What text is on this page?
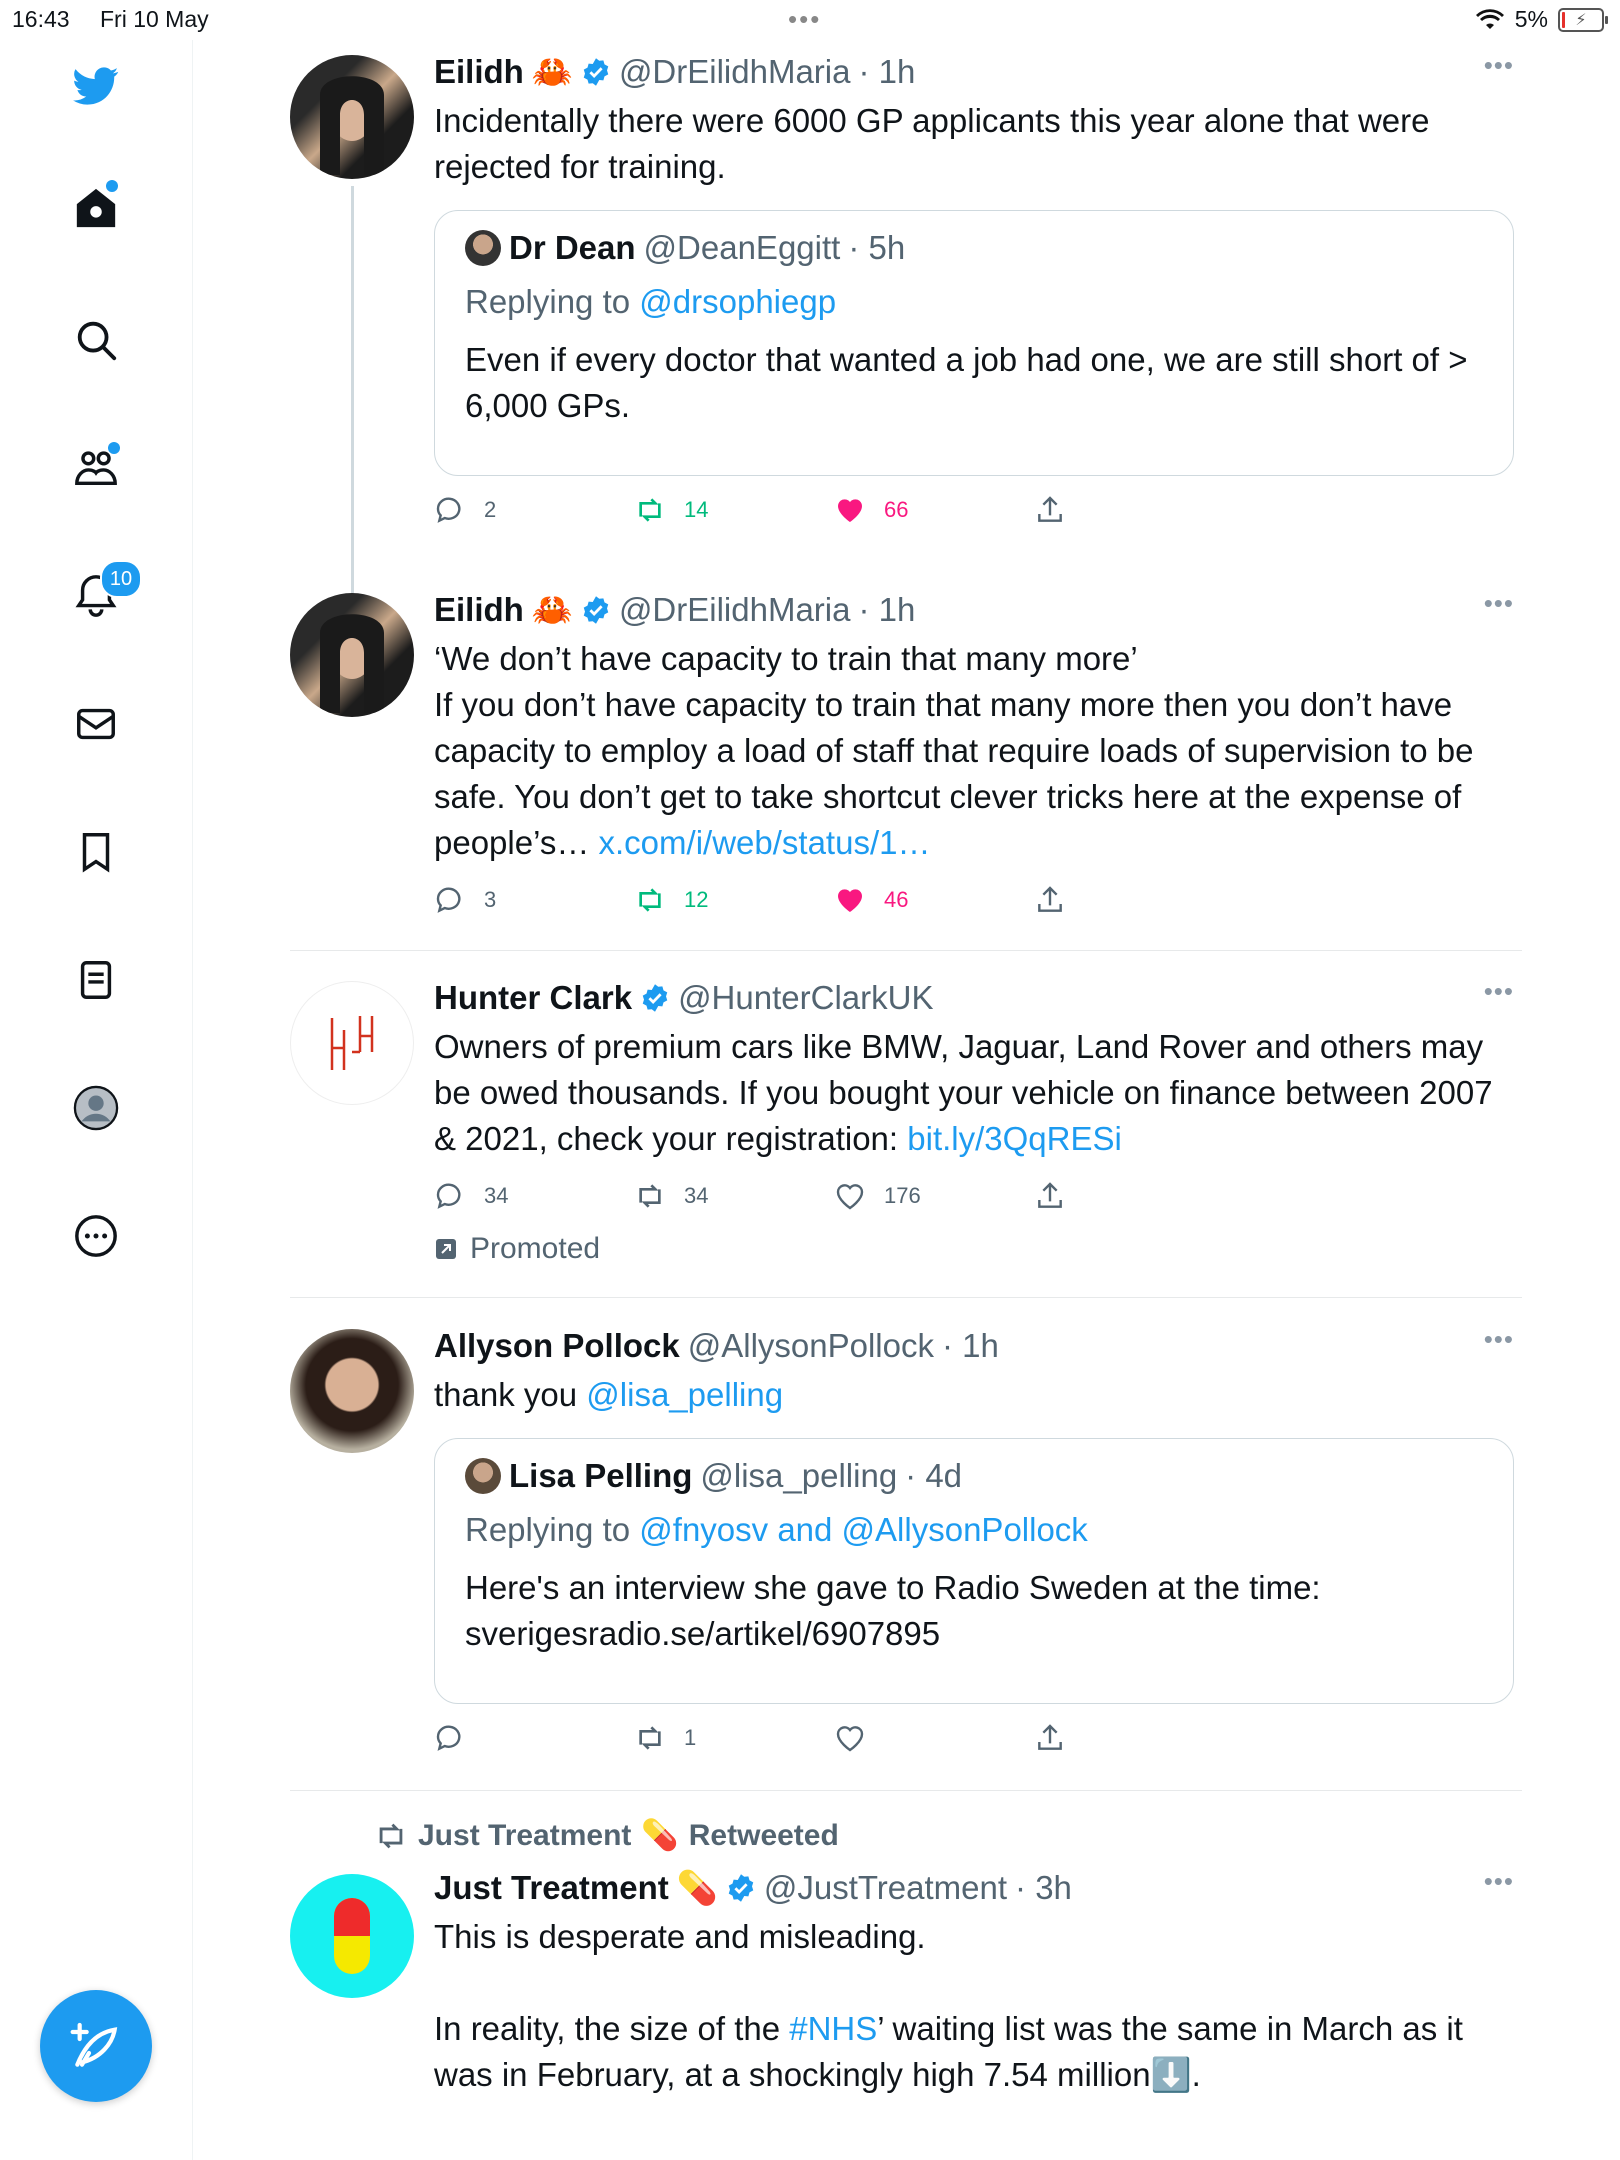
16:43 Fri 10 May	•••	5%	⚡
10
Eilidh 🦀 @DrEilidhMaria · 1h	•••
Incidentally there were 6000 GP applicants this year alone that were rejected for training.
Dr Dean @DeanEggitt · 5h
Replying to @drsophiegp
Even if every doctor that wanted a job had one, we are still short of > 6,000 GPs.
2	14	66
Eilidh 🦀 @DrEilidhMaria · 1h	•••
‘We don’t have capacity to train that many more’
If you don’t have capacity to train that many more then you don’t have capacity to employ a load of staff that require loads of supervision to be safe. You don’t get to take shortcut clever tricks here at the expense of people’s… x.com/i/web/status/1…
3	12	46
Hunter Clark @HunterClarkUK	•••
Owners of premium cars like BMW, Jaguar, Land Rover and others may be owed thousands. If you bought your vehicle on finance between 2007 & 2021, check your registration: bit.ly/3QqRESi
34	34	176
Promoted
Allyson Pollock @AllysonPollock · 1h	•••
thank you @lisa_pelling
Lisa Pelling @lisa_pelling · 4d
Replying to @fnyosv and @AllysonPollock
Here's an interview she gave to Radio Sweden at the time: sverigesradio.se/artikel/6907895
1
Just Treatment 💊 Retweeted
Just Treatment 💊 @JustTreatment · 3h	•••
This is desperate and misleading.
In reality, the size of the #NHS’ waiting list was the same in March as it was in February, at a shockingly high 7.54 million⬇️.
